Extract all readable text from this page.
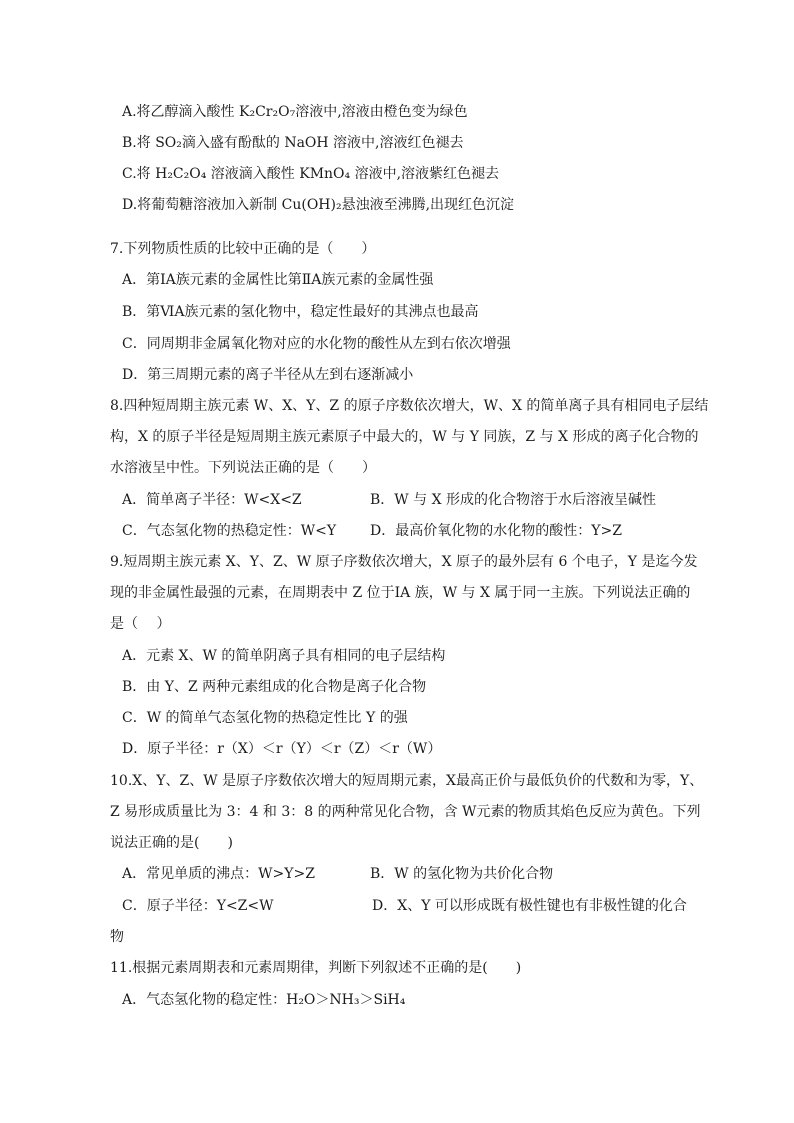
A.将乙醇滴入酸性 K₂Cr₂O₇溶液中,溶液由橙色变为绿色
B.将 SO₂滴入盛有酚酞的 NaOH 溶液中,溶液红色褪去
C.将 H₂C₂O₄ 溶液滴入酸性 KMnO₄ 溶液中,溶液紫红色褪去
D.将葡萄糖溶液加入新制 Cu(OH)₂悬浊液至沸腾,出现红色沉淀
7.下列物质性质的比较中正确的是（　　）
A．第ⅠA族元素的金属性比第ⅡA族元素的金属性强
B．第ⅥA族元素的氢化物中，稳定性最好的其沸点也最高
C．同周期非金属氧化物对应的水化物的酸性从左到右依次增强
D．第三周期元素的离子半径从左到右逐渐减小
8.四种短周期主族元素 W、X、Y、Z 的原子序数依次增大，W、X 的简单离子具有相同电子层结
构，X 的原子半径是短周期主族元素原子中最大的，W 与 Y 同族，Z 与 X 形成的离子化合物的
水溶液呈中性。下列说法正确的是（　　）
A．简单离子半径：W<X<Z	B．W 与 X 形成的化合物溶于水后溶液呈碱性
C．气态氢化物的热稳定性：W<Y D．最高价氧化物的水化物的酸性：Y>Z
9.短周期主族元素 X、Y、Z、W 原子序数依次增大，X 原子的最外层有 6 个电子，Y 是迄今发
现的非金属性最强的元素，在周期表中 Z 位于ⅠA 族，W 与 X 属于同一主族。下列说法正确的
是（　 ）
A．元素 X、W 的简单阴离子具有相同的电子层结构
B．由 Y、Z 两种元素组成的化合物是离子化合物
C．W 的简单气态氢化物的热稳定性比 Y 的强
D．原子半径：r（X）＜r（Y）＜r（Z）＜r（W）
10.X、Y、Z、W 是原子序数依次增大的短周期元素，X最高正价与最低负价的代数和为零，Y、
Z 易形成质量比为 3：4 和 3：8 的两种常见化合物，含 W元素的物质其焰色反应为黄色。下列
说法正确的是(　　)
A．常见单质的沸点：W>Y>Z	B．W 的氢化物为共价化合物
C．原子半径：Y<Z<W	D．X、Y 可以形成既有极性键也有非极性键的化合
物
11.根据元素周期表和元素周期律，判断下列叙述不正确的是(　　)
A．气态氢化物的稳定性：H₂O＞NH₃＞SiH₄
